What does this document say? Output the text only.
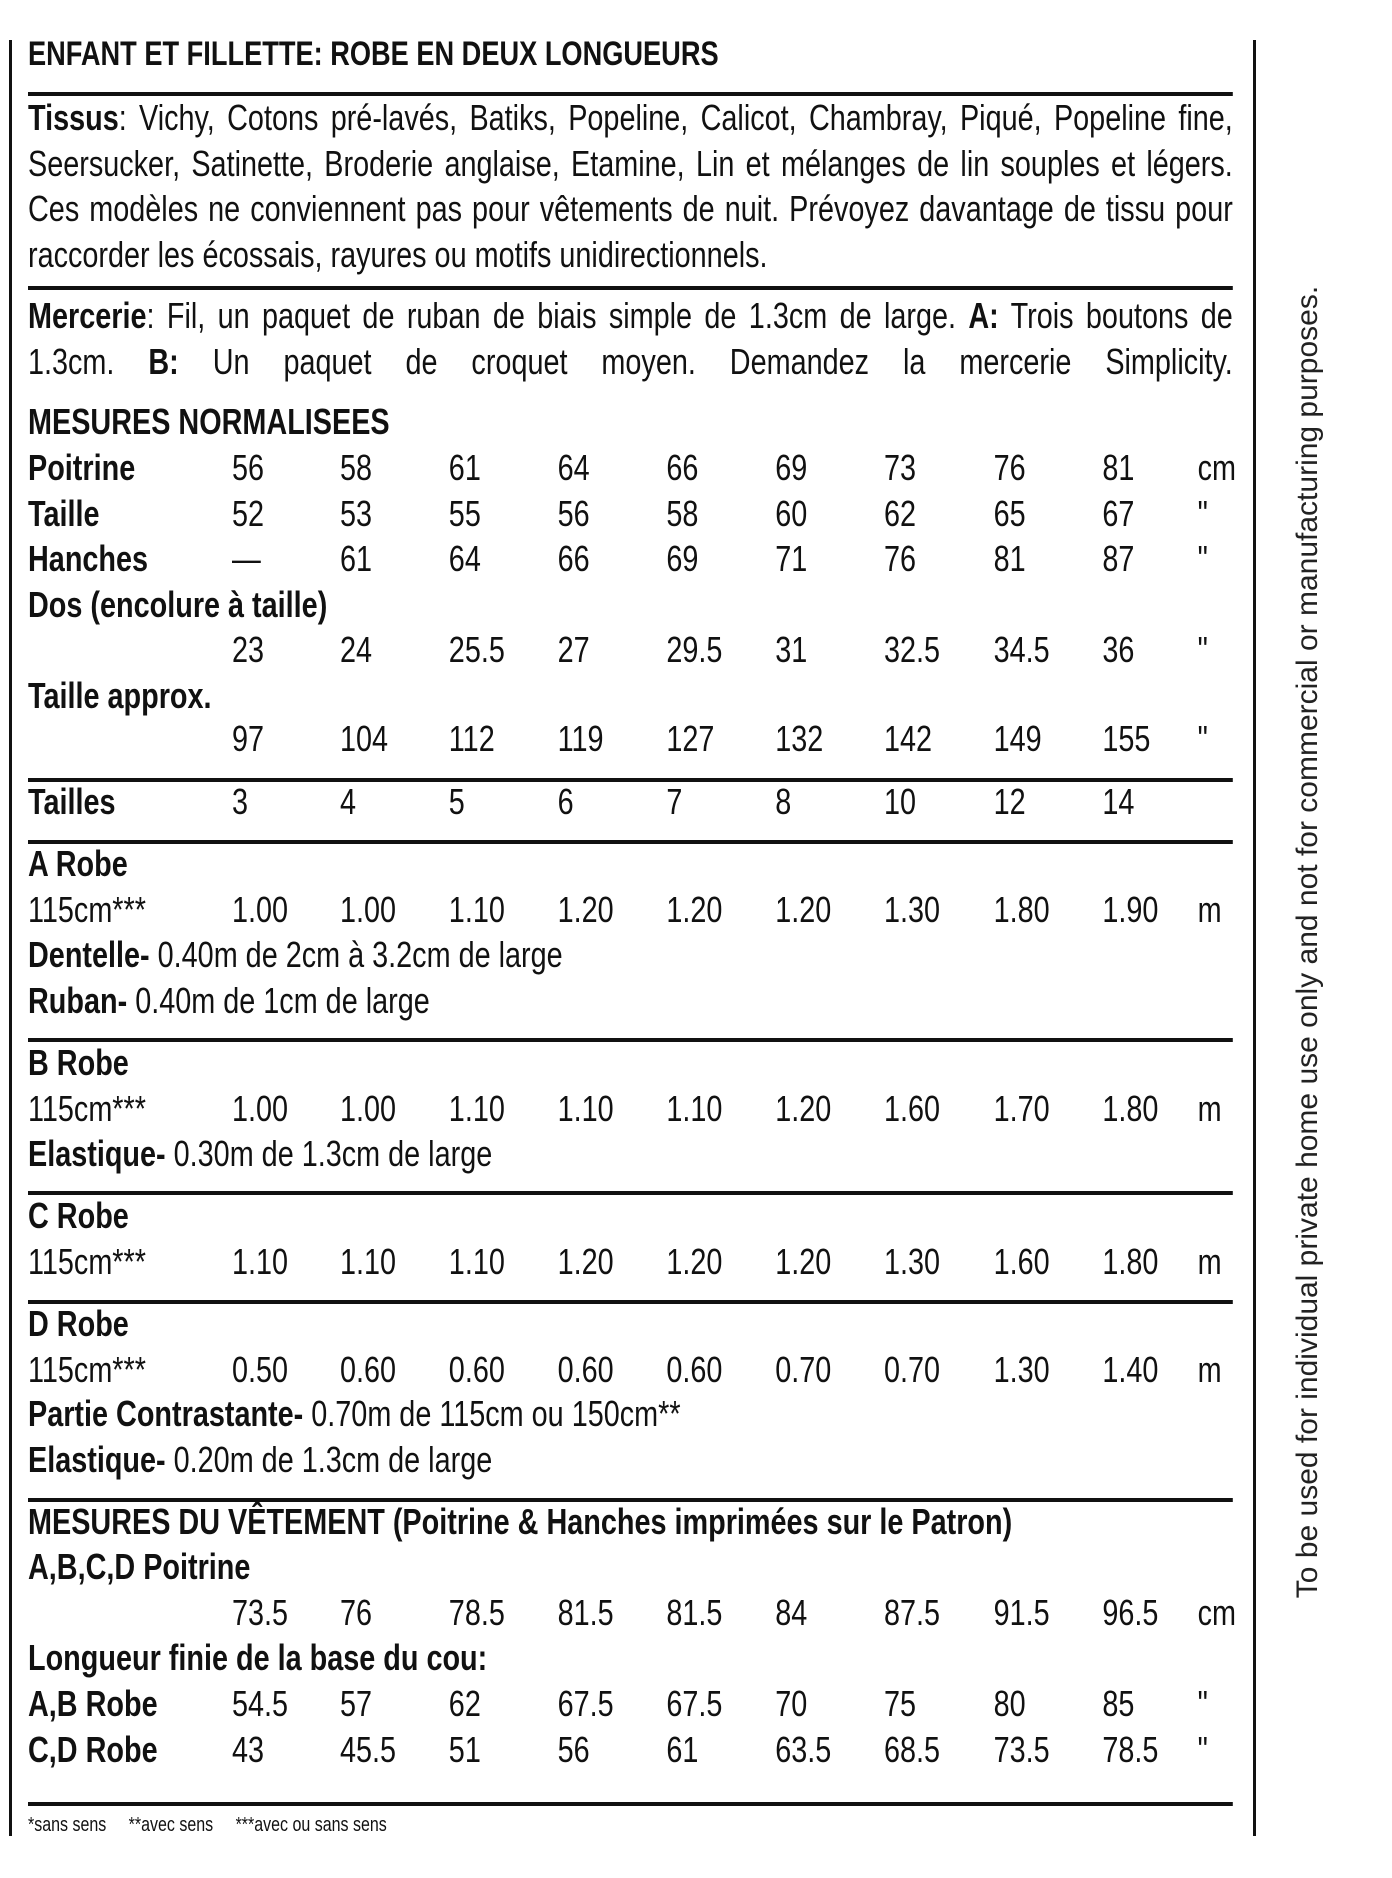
To be used for individual private home use only and not for commercial or manufacturing purposes.
ENFANT ET FILLETTE: ROBE EN DEUX LONGUEURS
Tissus: Vichy, Cotons pré-lavés, Batiks, Popeline, Calicot, Chambray, Piqué, Popeline fine, Seersucker, Satinette, Broderie anglaise, Etamine, Lin et mélanges de lin souples et légers. Ces modèles ne conviennent pas pour vêtements de nuit. Prévoyez davantage de tissu pour raccorder les écossais, rayures ou motifs unidirectionnels.
Mercerie: Fil, un paquet de ruban de biais simple de 1.3cm de large. A: Trois boutons de 1.3cm. B: Un paquet de croquet moyen. Demandez la mercerie Simplicity.
MESURES NORMALISEES
Poitrine	56 58 61 64 66 69 73 76 81 cm
Taille	52 53 55 56 58 60 62 65 67 "
Hanches — 61 64 66 69 71 76 81 87 "
Dos (encolure à taille)
23 24 25.5 27 29.5 31 32.5 34.5 36 "
Taille approx.
97 104 112 119 127 132 142 149 155 "
Tailles	3	4	5	6	7	8	10 12 14
A Robe
115cm*** 1.00 1.00 1.10 1.20 1.20 1.20 1.30 1.80 1.90 m
Dentelle- 0.40m de 2cm à 3.2cm de large
Ruban- 0.40m de 1cm de large
B Robe
115cm*** 1.00 1.00 1.10 1.10 1.10 1.20 1.60 1.70 1.80 m
Elastique- 0.30m de 1.3cm de large
C Robe
115cm*** 1.10 1.10 1.10 1.20 1.20 1.20 1.30 1.60 1.80 m
D Robe
115cm*** 0.50 0.60 0.60 0.60 0.60 0.70 0.70 1.30 1.40 m
Partie Contrastante- 0.70m de 115cm ou 150cm**
Elastique- 0.20m de 1.3cm de large
MESURES DU VÊTEMENT (Poitrine & Hanches imprimées sur le Patron)
A,B,C,D Poitrine
73.5 76 78.5 81.5 81.5 84 87.5 91.5 96.5 cm
Longueur finie de la base du cou:
A,B Robe 54.5 57 62 67.5 67.5 70 75 80 85 "
C,D Robe 43 45.5 51 56 61 63.5 68.5 73.5 78.5 "
*sans sens **avec sens ***avec ou sans sens
